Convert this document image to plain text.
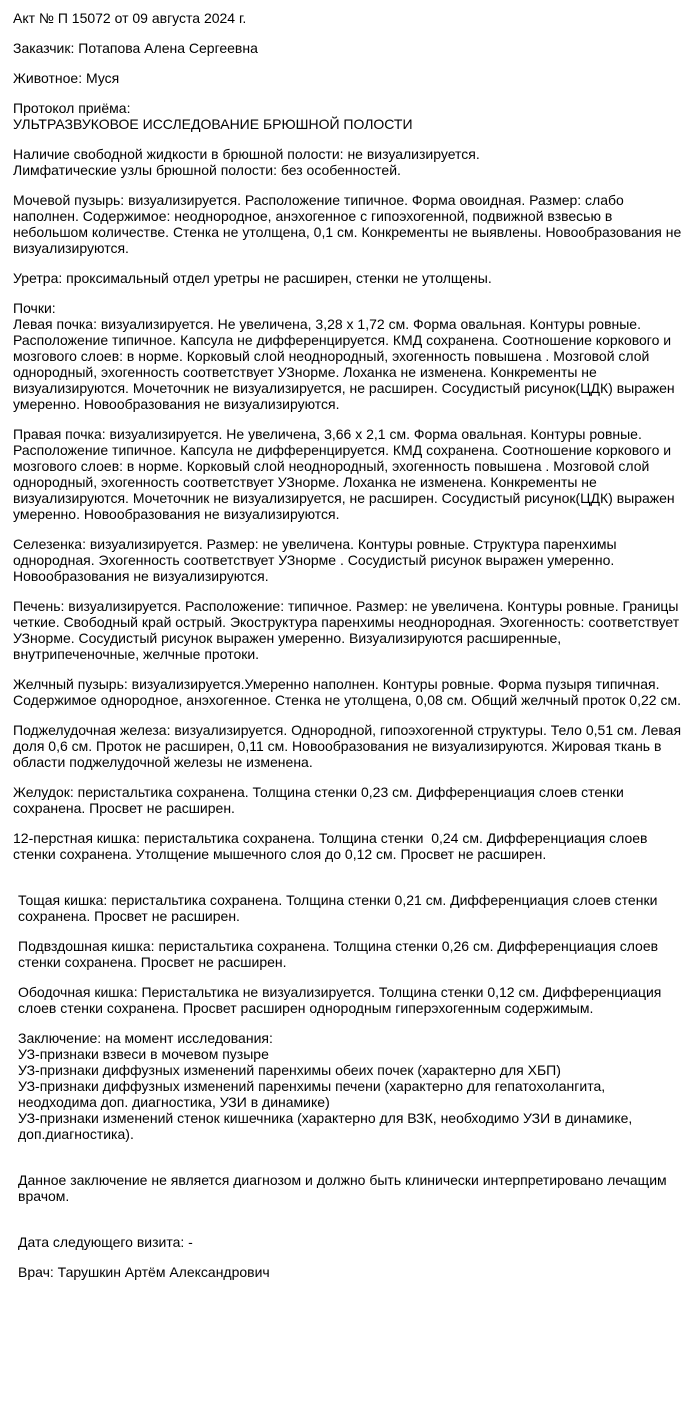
Акт № П 15072 от 09 августа 2024 г.
Заказчик: Потапова Алена Сергеевна
Животное: Муся
Протокол приёма:
УЛЬТРАЗВУКОВОЕ ИССЛЕДОВАНИЕ БРЮШНОЙ ПОЛОСТИ
Наличие свободной жидкости в брюшной полости: не визуализируется.
Лимфатические узлы брюшной полости: без особенностей.
Мочевой пузырь: визуализируется. Расположение типичное. Форма овоидная. Размер: слабо наполнен. Содержимое: неоднородное, анэхогенное с гипоэхогенной, подвижной взвесью в небольшом количестве. Стенка не утолщена, 0,1 см. Конкременты не выявлены. Новообразования не визуализируются.
Уретра: проксимальный отдел уретры не расширен, стенки не утолщены.
Почки:
Левая почка: визуализируется. Не увеличена, 3,28 х 1,72 см. Форма овальная. Контуры ровные. Расположение типичное. Капсула не дифференцируется. КМД сохранена. Соотношение коркового и мозгового слоев: в норме. Корковый слой неоднородный, эхогенность повышена . Мозговой слой однородный, эхогенность соответствует УЗнорме. Лоханка не изменена. Конкременты не визуализируются. Мочеточник не визуализируется, не расширен. Сосудистый рисунок(ЦДК) выражен умеренно. Новообразования не визуализируются.
Правая почка: визуализируется. Не увеличена, 3,66 х 2,1 см. Форма овальная. Контуры ровные. Расположение типичное. Капсула не дифференцируется. КМД сохранена. Соотношение коркового и мозгового слоев: в норме. Корковый слой неоднородный, эхогенность повышена . Мозговой слой однородный, эхогенность соответствует УЗнорме. Лоханка не изменена. Конкременты не визуализируются. Мочеточник не визуализируется, не расширен. Сосудистый рисунок(ЦДК) выражен умеренно. Новообразования не визуализируются.
Селезенка: визуализируется. Размер: не увеличена. Контуры ровные. Структура паренхимы однородная. Эхогенность соответствует УЗнорме . Сосудистый рисунок выражен умеренно. Новообразования не визуализируются.
Печень: визуализируется. Расположение: типичное. Размер: не увеличена. Контуры ровные. Границы четкие. Свободный край острый. Экоструктура паренхимы неоднородная. Эхогенность: соответствует УЗнорме. Сосудистый рисунок выражен умеренно. Визуализируются расширенные, внутрипеченочные, желчные протоки.
Желчный пузырь: визуализируется.Умеренно наполнен. Контуры ровные. Форма пузыря типичная. Содержимое однородное, анэхогенное. Стенка не утолщена, 0,08 см. Общий желчный проток 0,22 см.
Поджелудочная железа: визуализируется. Однородной, гипоэхогенной структуры. Тело 0,51 см. Левая доля 0,6 см. Проток не расширен, 0,11 см. Новообразования не визуализируются. Жировая ткань в области поджелудочной железы не изменена.
Желудок: перистальтика сохранена. Толщина стенки 0,23 см. Дифференциация слоев стенки сохранена. Просвет не расширен.
12-перстная кишка: перистальтика сохранена. Толщина стенки  0,24 см. Дифференциация слоев стенки сохранена. Утолщение мышечного слоя до 0,12 см. Просвет не расширен.
Тощая кишка: перистальтика сохранена. Толщина стенки 0,21 см. Дифференциация слоев стенки сохранена. Просвет не расширен.
Подвздошная кишка: перистальтика сохранена. Толщина стенки 0,26 см. Дифференциация слоев стенки сохранена. Просвет не расширен.
Ободочная кишка: Перистальтика не визуализируется. Толщина стенки 0,12 см. Дифференциация слоев стенки сохранена. Просвет расширен однородным гиперэхогенным содержимым.
Заключение: на момент исследования:
УЗ-признаки взвеси в мочевом пузыре
УЗ-признаки диффузных изменений паренхимы обеих почек (характерно для ХБП)
УЗ-признаки диффузных изменений паренхимы печени (характерно для гепатохолангита, неодходима доп. диагностика, УЗИ в динамике)
УЗ-признаки изменений стенок кишечника (характерно для ВЗК, необходимо УЗИ в динамике, доп.диагностика).
Данное заключение не является диагнозом и должно быть клинически интерпретировано лечащим врачом.
Дата следующего визита: -
Врач: Тарушкин Артём Александрович
